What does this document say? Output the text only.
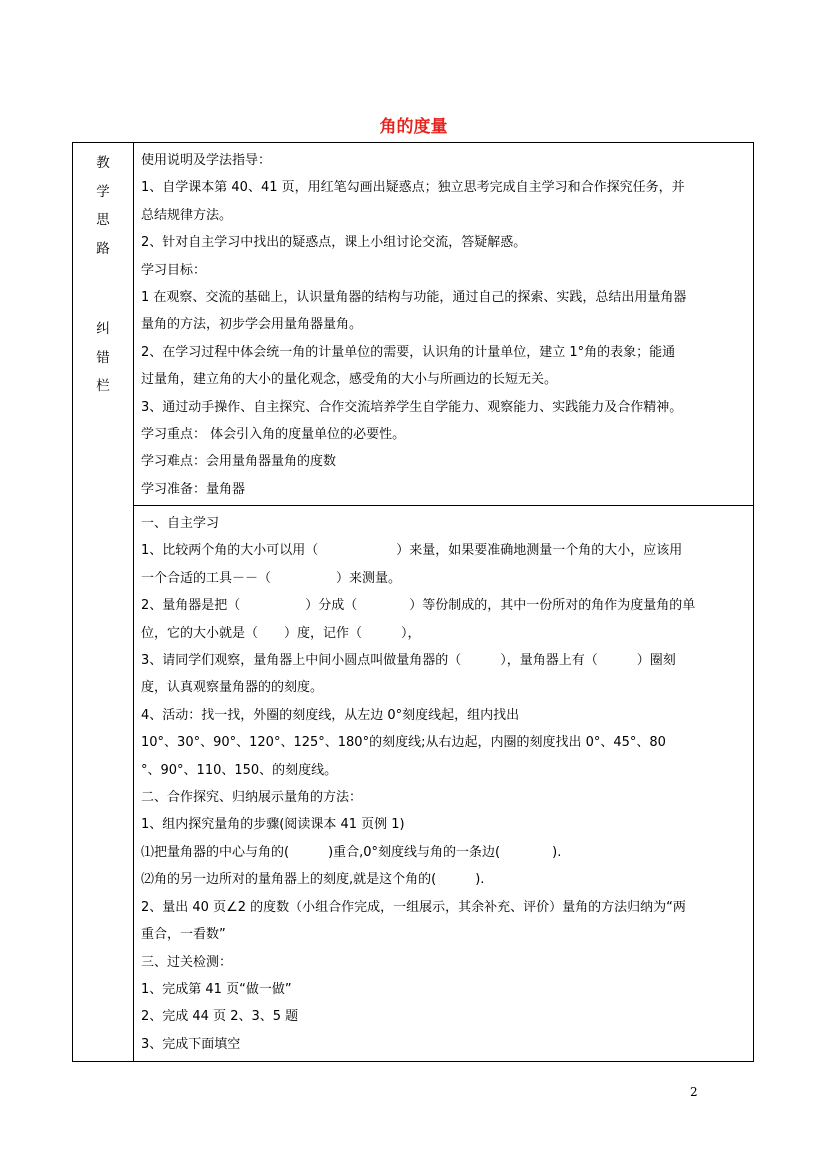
角的度量
教
学
思
路
纠
错
栏

使用说明及学法指导：

1、自学课本第 40、41 页，用红笔勾画出疑惑点；独立思考完成自主学习和合作探究任务，并

总结规律方法。

2、针对自主学习中找出的疑惑点，课上小组讨论交流，答疑解惑。

学习目标：

1 在观察、交流的基础上，认识量角器的结构与功能，通过自己的探索、实践，总结出用量角器

量角的方法，初步学会用量角器量角。

2、在学习过程中体会统一角的计量单位的需要，认识角的计量单位，建立 1°角的表象；能通

过量角，建立角的大小的量化观念，感受角的大小与所画边的长短无关。

3、通过动手操作、自主探究、合作交流培养学生自学能力、观察能力、实践能力及合作精神。

学习重点： 体会引入角的度量单位的必要性。

学习难点：会用量角器量角的度数

学习准备：量角器

一、自主学习

1、比较两个角的大小可以用（　　　　　　）来量，如果要准确地测量一个角的大小，应该用

一个合适的工具－－（　　　　　）来测量。

2、量角器是把（　　　　　）分成（　　　　）等份制成的，其中一份所对的角作为度量角的单

位，它的大小就是（　　）度，记作（　　　），

3、请同学们观察，量角器上中间小圆点叫做量角器的（　　　），量角器上有（　　　）圈刻

度，认真观察量角器的的刻度。

4、活动：找一找，外圈的刻度线，从左边 0°刻度线起，组内找出

10°、30°、90°、120°、125°、180°的刻度线;从右边起，内圈的刻度找出 0°、45°、80

°、90°、110、150、的刻度线。

二、合作探究、归纳展示量角的方法：

1、组内探究量角的步骤(阅读课本 41 页例 1)

⑴把量角器的中心与角的(　　　)重合,0°刻度线与角的一条边(　　　　).

⑵角的另一边所对的量角器上的刻度,就是这个角的(　　　).

2、量出 40 页∠2 的度数（小组合作完成，一组展示，其余补充、评价）量角的方法归纳为“两

重合，一看数”

三、过关检测：

1、完成第 41 页“做一做”

2、完成 44 页 2、3、5 题

3、完成下面填空

2
